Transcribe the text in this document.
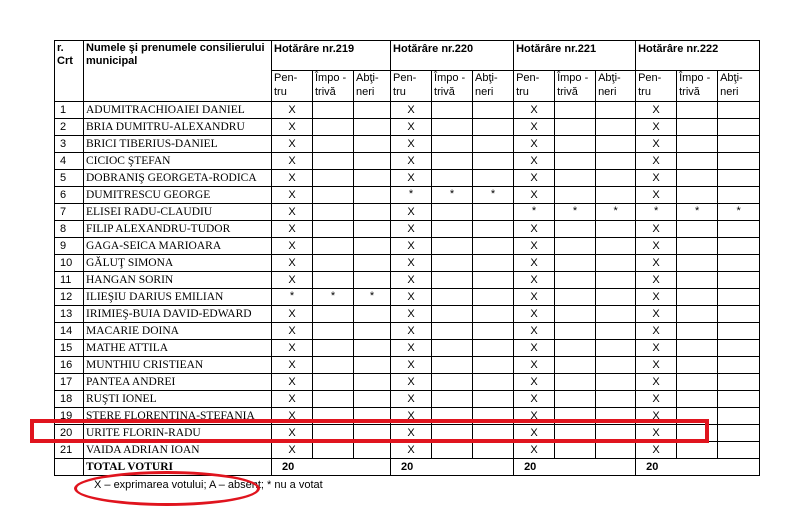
r. Crt	Numele şi prenumele consilierului municipal	Hotărâre nr.219			Hotărâre nr.220			Hotărâre nr.221			Hotărâre nr.222		
		Pen- tru	Împo -trivă	Abţi- neri	Pen- tru	Împo -trivă	Abţi- neri	Pen- tru	Împo -trivă	Abţi- neri	Pen- tru	Împo -trivă	Abţi- neri
1	ADUMITRACHIOAIEI DANIEL	X			X			X			X		
2	BRIA DUMITRU-ALEXANDRU	X			X			X			X		
3	BRICI TIBERIUS-DANIEL	X			X			X			X		
4	CICIOC ŞTEFAN	X			X			X			X		
5	DOBRANIŞ GEORGETA-RODICA	X			X			X			X		
6	DUMITRESCU GEORGE	X			*	*	*	X			X		
7	ELISEI RADU-CLAUDIU	X			X			*	*	*	*	*	*
8	FILIP ALEXANDRU-TUDOR	X			X			X			X		
9	GAGA-SEICA MARIOARA	X			X			X			X		
10	GĂLUŢ SIMONA	X			X			X			X		
11	HANGAN SORIN	X			X			X			X		
12	ILIEŞIU DARIUS EMILIAN	*	*	*	X			X			X		
13	IRIMIEŞ-BUIA DAVID-EDWARD	X			X			X			X		
14	MACARIE DOINA	X			X			X			X		
15	MATHE ATTILA	X			X			X			X		
16	MUNTHIU CRISTIEAN	X			X			X			X		
17	PANTEA ANDREI	X			X			X			X		
18	RUŞTI IONEL	X			X			X			X		
19	STERE FLORENTINA-ŞTEFANIA	X			X			X			X		
20	URITE FLORIN-RADU	X			X			X			X		
21	VAIDA ADRIAN IOAN	X			X			X			X		
	TOTAL VOTURI	20			20			20			20		
X – exprimarea votului; A – absent; * nu a votat
